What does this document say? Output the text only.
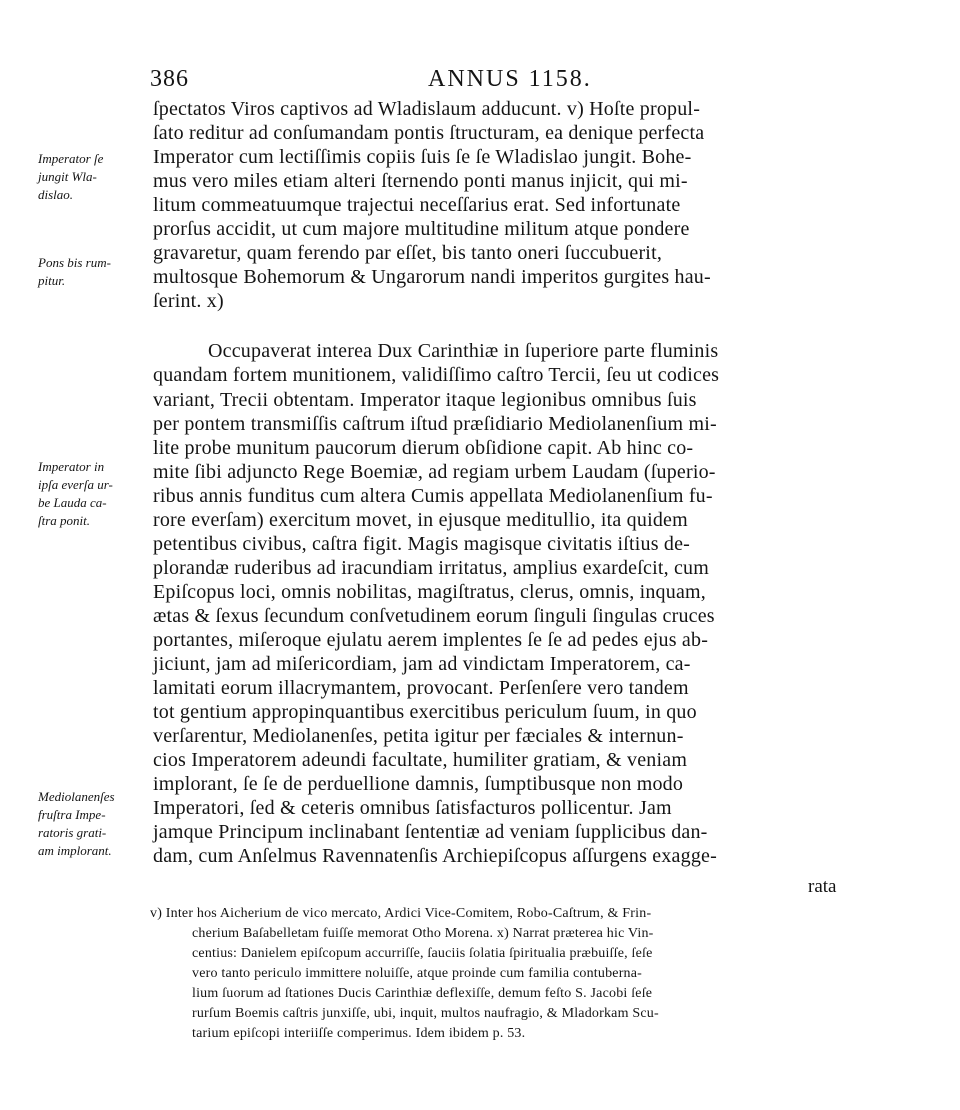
386	ANNUS 1158.
Imperator ſe
jungit Wla-
dislao.
Pons bis rum-
pitur.
Imperator in
ipſa everſa ur-
be Lauda ca-
ſtra ponit.
Mediolanenſes
fruſtra Impe-
ratoris grati-
am implorant.
ſpectatos Viros captivos ad Wladislaum adducunt. v) Hoſte propul-
ſato reditur ad conſumandam pontis ſtructuram, ea denique perfecta
Imperator cum lectiſſimis copiis ſuis ſe ſe Wladislao jungit. Bohe-
mus vero miles etiam alteri ſternendo ponti manus injicit, qui mi-
litum commeatuumque trajectui neceſſarius erat. Sed infortunate
prorſus accidit, ut cum majore multitudine militum atque pondere
gravaretur, quam ferendo par eſſet, bis tanto oneri ſuccubuerit,
multosque Bohemorum & Ungarorum nandi imperitos gurgites hau-
ſerint. x)
Occupaverat interea Dux Carinthiæ in ſuperiore parte fluminis
quandam fortem munitionem, validiſſimo caſtro Tercii, ſeu ut codices
variant, Trecii obtentam. Imperator itaque legionibus omnibus ſuis
per pontem transmiſſis caſtrum iſtud præſidiario Mediolanenſium mi-
lite probe munitum paucorum dierum obſidione capit. Ab hinc co-
mite ſibi adjuncto Rege Boemiæ, ad regiam urbem Laudam (ſuperio-
ribus annis funditus cum altera Cumis appellata Mediolanenſium fu-
rore everſam) exercitum movet, in ejusque meditullio, ita quidem
petentibus civibus, caſtra figit. Magis magisque civitatis iſtius de-
plorandæ ruderibus ad iracundiam irritatus, amplius exardeſcit, cum
Epiſcopus loci, omnis nobilitas, magiſtratus, clerus, omnis, inquam,
ætas & ſexus ſecundum conſvetudinem eorum ſinguli ſingulas cruces
portantes, miſeroque ejulatu aerem implentes ſe ſe ad pedes ejus ab-
jiciunt, jam ad miſericordiam, jam ad vindictam Imperatorem, ca-
lamitati eorum illacrymantem, provocant. Perſenſere vero tandem
tot gentium appropinquantibus exercitibus periculum ſuum, in quo
verſarentur, Mediolanenſes, petita igitur per fæciales & internun-
cios Imperatorem adeundi facultate, humiliter gratiam, & veniam
implorant, ſe ſe de perduellione damnis, ſumptibusque non modo
Imperatori, ſed & ceteris omnibus ſatisfacturos pollicentur. Jam
jamque Principum inclinabant ſententiæ ad veniam ſupplicibus dan-
dam, cum Anſelmus Ravennatenſis Archiepiſcopus aſſurgens exagge-
rata
v) Inter hos Aicherium de vico mercato, Ardici Vice-Comitem, Robo-Caſtrum, & Frin-
cherium Baſabelletam fuiſſe memorat Otho Morena. x) Narrat præterea hic Vin-
centius: Danielem epiſcopum accurriſſe, ſauciis ſolatia ſpiritualia præbuiſſe, ſeſe
vero tanto periculo immittere noluiſſe, atque proinde cum familia contuberna-
lium ſuorum ad ſtationes Ducis Carinthiæ deflexiſſe, demum feſto S. Jacobi ſeſe
rurſum Boemis caſtris junxiſſe, ubi, inquit, multos naufragio, & Mladorkam Scu-
tarium epiſcopi interiiſſe comperimus. Idem ibidem p. 53.
